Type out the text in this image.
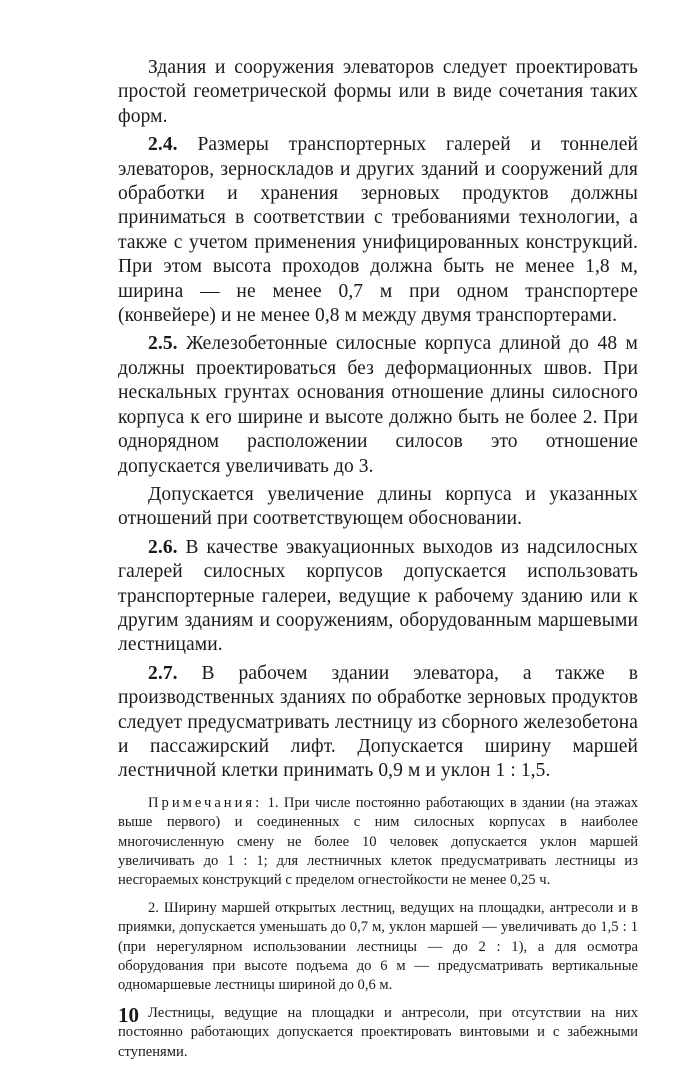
Здания и сооружения элеваторов следует проектировать простой геометрической формы или в виде сочетания таких форм.

2.4. Размеры транспортерных галерей и тоннелей элеваторов, зерноскладов и других зданий и сооружений для обработки и хранения зерновых продуктов должны приниматься в соответствии с требованиями технологии, а также с учетом применения унифицированных конструкций. При этом высота проходов должна быть не менее 1,8 м, ширина — не менее 0,7 м при одном транспортере (конвейере) и не менее 0,8 м между двумя транспортерами.

2.5. Железобетонные силосные корпуса длиной до 48 м должны проектироваться без деформационных швов. При нескальных грунтах основания отношение длины силосного корпуса к его ширине и высоте должно быть не более 2. При однорядном расположении силосов это отношение допускается увеличивать до 3.

Допускается увеличение длины корпуса и указанных отношений при соответствующем обосновании.

2.6. В качестве эвакуационных выходов из надсилосных галерей силосных корпусов допускается использовать транспортерные галереи, ведущие к рабочему зданию или к другим зданиям и сооружениям, оборудованным маршевыми лестницами.

2.7. В рабочем здании элеватора, а также в производственных зданиях по обработке зерновых продуктов следует предусматривать лестницу из сборного железобетона и пассажирский лифт. Допускается ширину маршей лестничной клетки принимать 0,9 м и уклон 1 : 1,5.

Примечания: 1. При числе постоянно работающих в здании (на этажах выше первого) и соединенных с ним силосных корпусах в наиболее многочисленную смену не более 10 человек допускается уклон маршей увеличивать до 1 : 1; для лестничных клеток предусматривать лестницы из несгораемых конструкций с пределом огнестойкости не менее 0,25 ч.

2. Ширину маршей открытых лестниц, ведущих на площадки, антресоли и в приямки, допускается уменьшать до 0,7 м, уклон маршей — увеличивать до 1,5 : 1 (при нерегулярном использовании лестницы — до 2 : 1), а для осмотра оборудования при высоте подъема до 6 м — предусматривать вертикальные одномаршевые лестницы шириной до 0,6 м.

Лестницы, ведущие на площадки и антресоли, при отсутствии на них постоянно работающих допускается проектировать винтовыми и с забежными ступенями.

10
